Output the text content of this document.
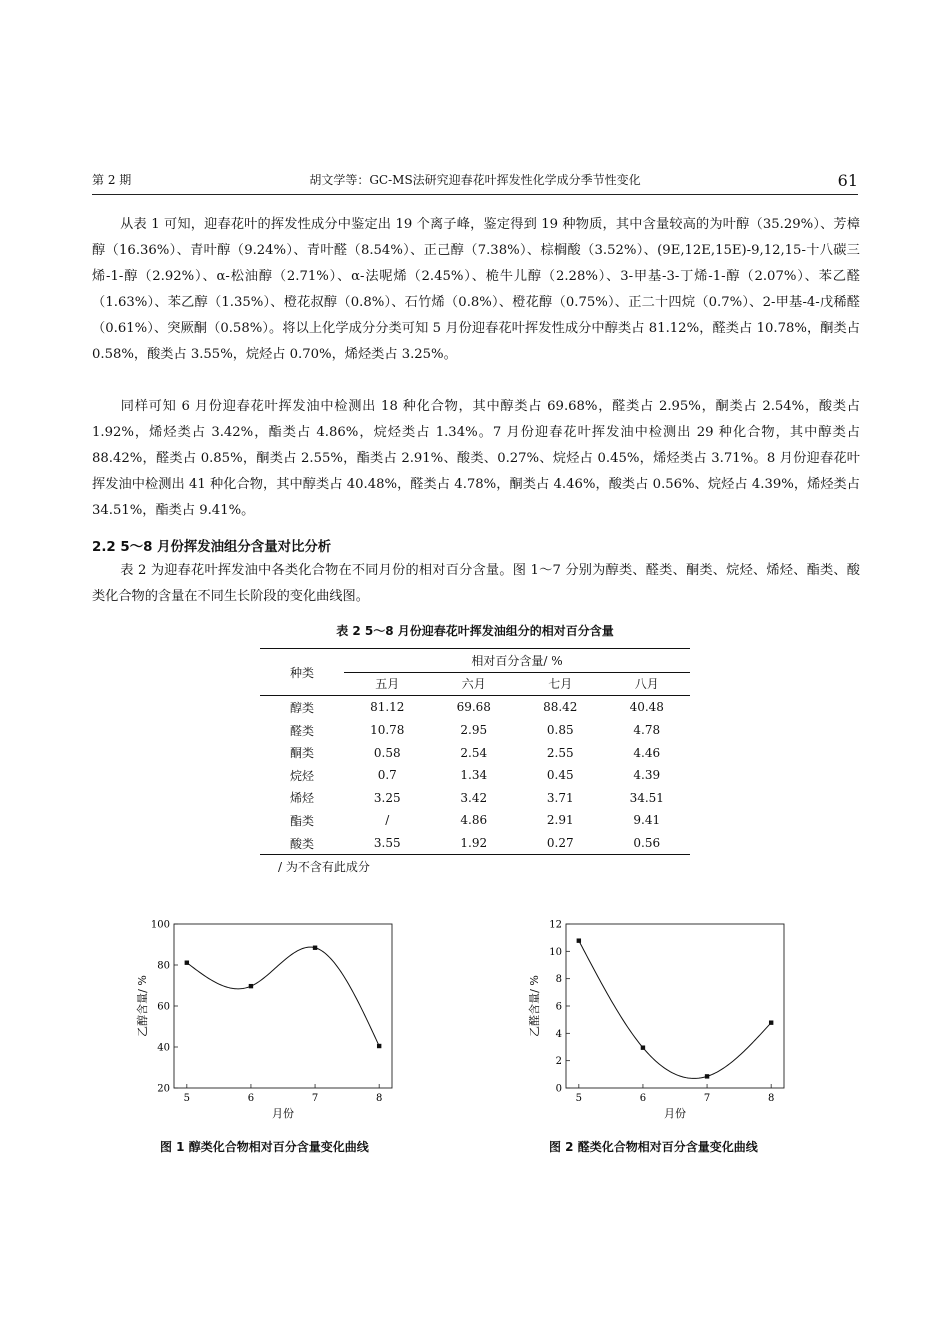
第 2 期	胡文学等：GC-MS法研究迎春花叶挥发性化学成分季节性变化	61

从表 1 可知，迎春花叶的挥发性成分中鉴定出 19 个离子峰，鉴定得到 19 种物质，其中含量较高的为叶醇（35.29%）、芳樟醇（16.36%）、青叶醇（9.24%）、青叶醛（8.54%）、正己醇（7.38%）、棕榈酸（3.52%）、(9E,12E,15E)-9,12,15-十八碳三烯-1-醇（2.92%）、α-松油醇（2.71%）、α-法呢烯（2.45%）、桅牛儿醇（2.28%）、3-甲基-3-丁烯-1-醇（2.07%）、苯乙醛（1.63%）、苯乙醇（1.35%）、橙花叔醇（0.8%）、石竹烯（0.8%）、橙花醇（0.75%）、正二十四烷（0.7%）、2-甲基-4-戊稀醛（0.61%）、突厥酮（0.58%）。将以上化学成分分类可知 5 月份迎春花叶挥发性成分中醇类占 81.12%，醛类占 10.78%，酮类占 0.58%，酸类占 3.55%，烷烃占 0.70%，烯烃类占 3.25%。

同样可知 6 月份迎春花叶挥发油中检测出 18 种化合物，其中醇类占 69.68%，醛类占 2.95%，酮类占 2.54%，酸类占 1.92%，烯烃类占 3.42%，酯类占 4.86%，烷烃类占 1.34%。7 月份迎春花叶挥发油中检测出 29 种化合物，其中醇类占 88.42%，醛类占 0.85%，酮类占 2.55%，酯类占 2.91%、酸类、0.27%、烷烃占 0.45%，烯烃类占 3.71%。8 月份迎春花叶挥发油中检测出 41 种化合物，其中醇类占 40.48%，醛类占 4.78%，酮类占 4.46%，酸类占 0.56%、烷烃占 4.39%，烯烃类占 34.51%，酯类占 9.41%。

2.2 5～8 月份挥发油组分含量对比分析

表 2 为迎春花叶挥发油中各类化合物在不同月份的相对百分含量。图 1～7 分别为醇类、醛类、酮类、烷烃、烯烃、酯类、酸类化合物的含量在不同生长阶段的变化曲线图。

表 2 5～8 月份迎春花叶挥发油组分的相对百分含量
种类	相对百分含量/ %			
	五月	六月	七月	八月
醇类	81.12	69.68	88.42	40.48
醛类	10.78	2.95	0.85	4.78
酮类	0.58	2.54	2.55	4.46
烷烃	0.7	1.34	0.45	4.39
烯烃	3.25	3.42	3.71	34.51
酯类	/	4.86	2.91	9.41
酸类	3.55	1.92	0.27	0.56
/ 为不含有此成分
20
40
60
80
100
5	6	7	8
月份
乙醇含量/ %
图 1 醇类化合物相对百分含量变化曲线
0
2
4
6
8
10
12
5	6	7	8
月份
乙醛含量/ %
图 2 醛类化合物相对百分含量变化曲线
